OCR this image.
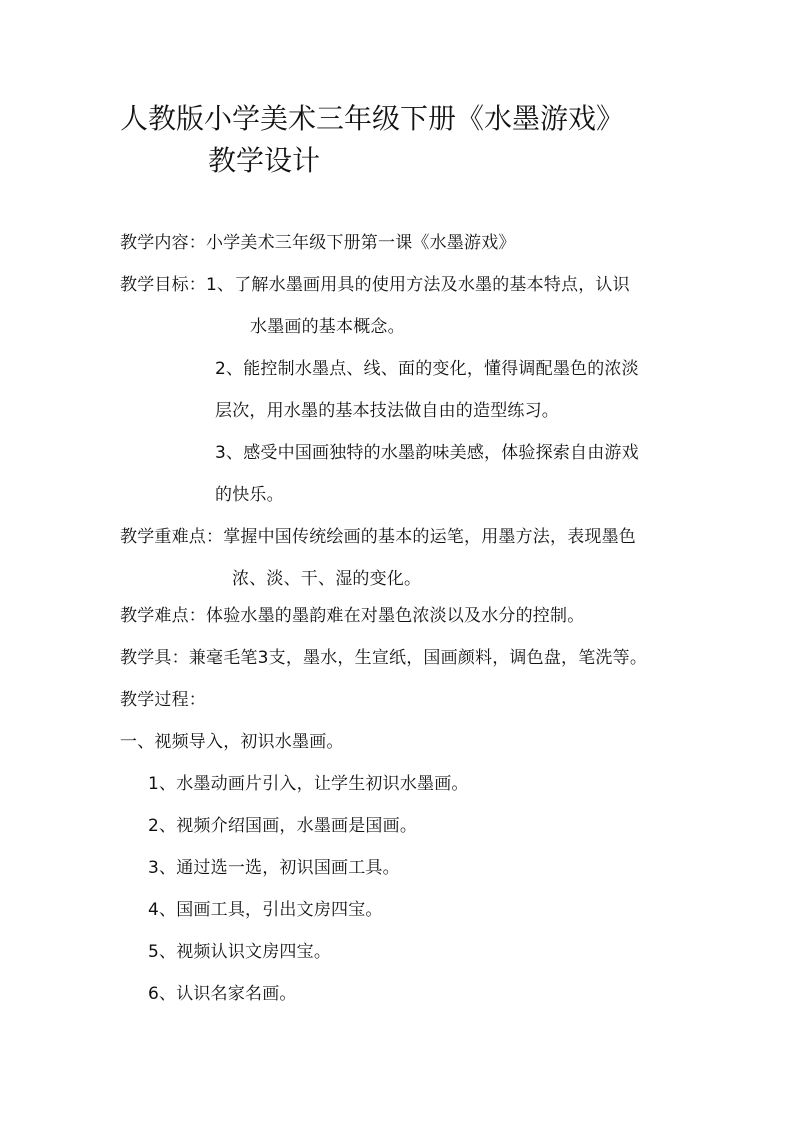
人教版小学美术三年级下册《水墨游戏》
教学设计
教学内容：小学美术三年级下册第一课《水墨游戏》
教学目标：1、了解水墨画用具的使用方法及水墨的基本特点，认识
水墨画的基本概念。
2、能控制水墨点、线、面的变化，懂得调配墨色的浓淡
层次，用水墨的基本技法做自由的造型练习。
3、感受中国画独特的水墨韵味美感，体验探索自由游戏
的快乐。
教学重难点：掌握中国传统绘画的基本的运笔，用墨方法，表现墨色
浓、淡、干、湿的变化。
教学难点：体验水墨的墨韵难在对墨色浓淡以及水分的控制。
教学具：兼毫毛笔3支，墨水，生宣纸，国画颜料，调色盘，笔洗等。
教学过程：
一、视频导入，初识水墨画。
1、水墨动画片引入，让学生初识水墨画。
2、视频介绍国画，水墨画是国画。
3、通过选一选，初识国画工具。
4、国画工具，引出文房四宝。
5、视频认识文房四宝。
6、认识名家名画。
